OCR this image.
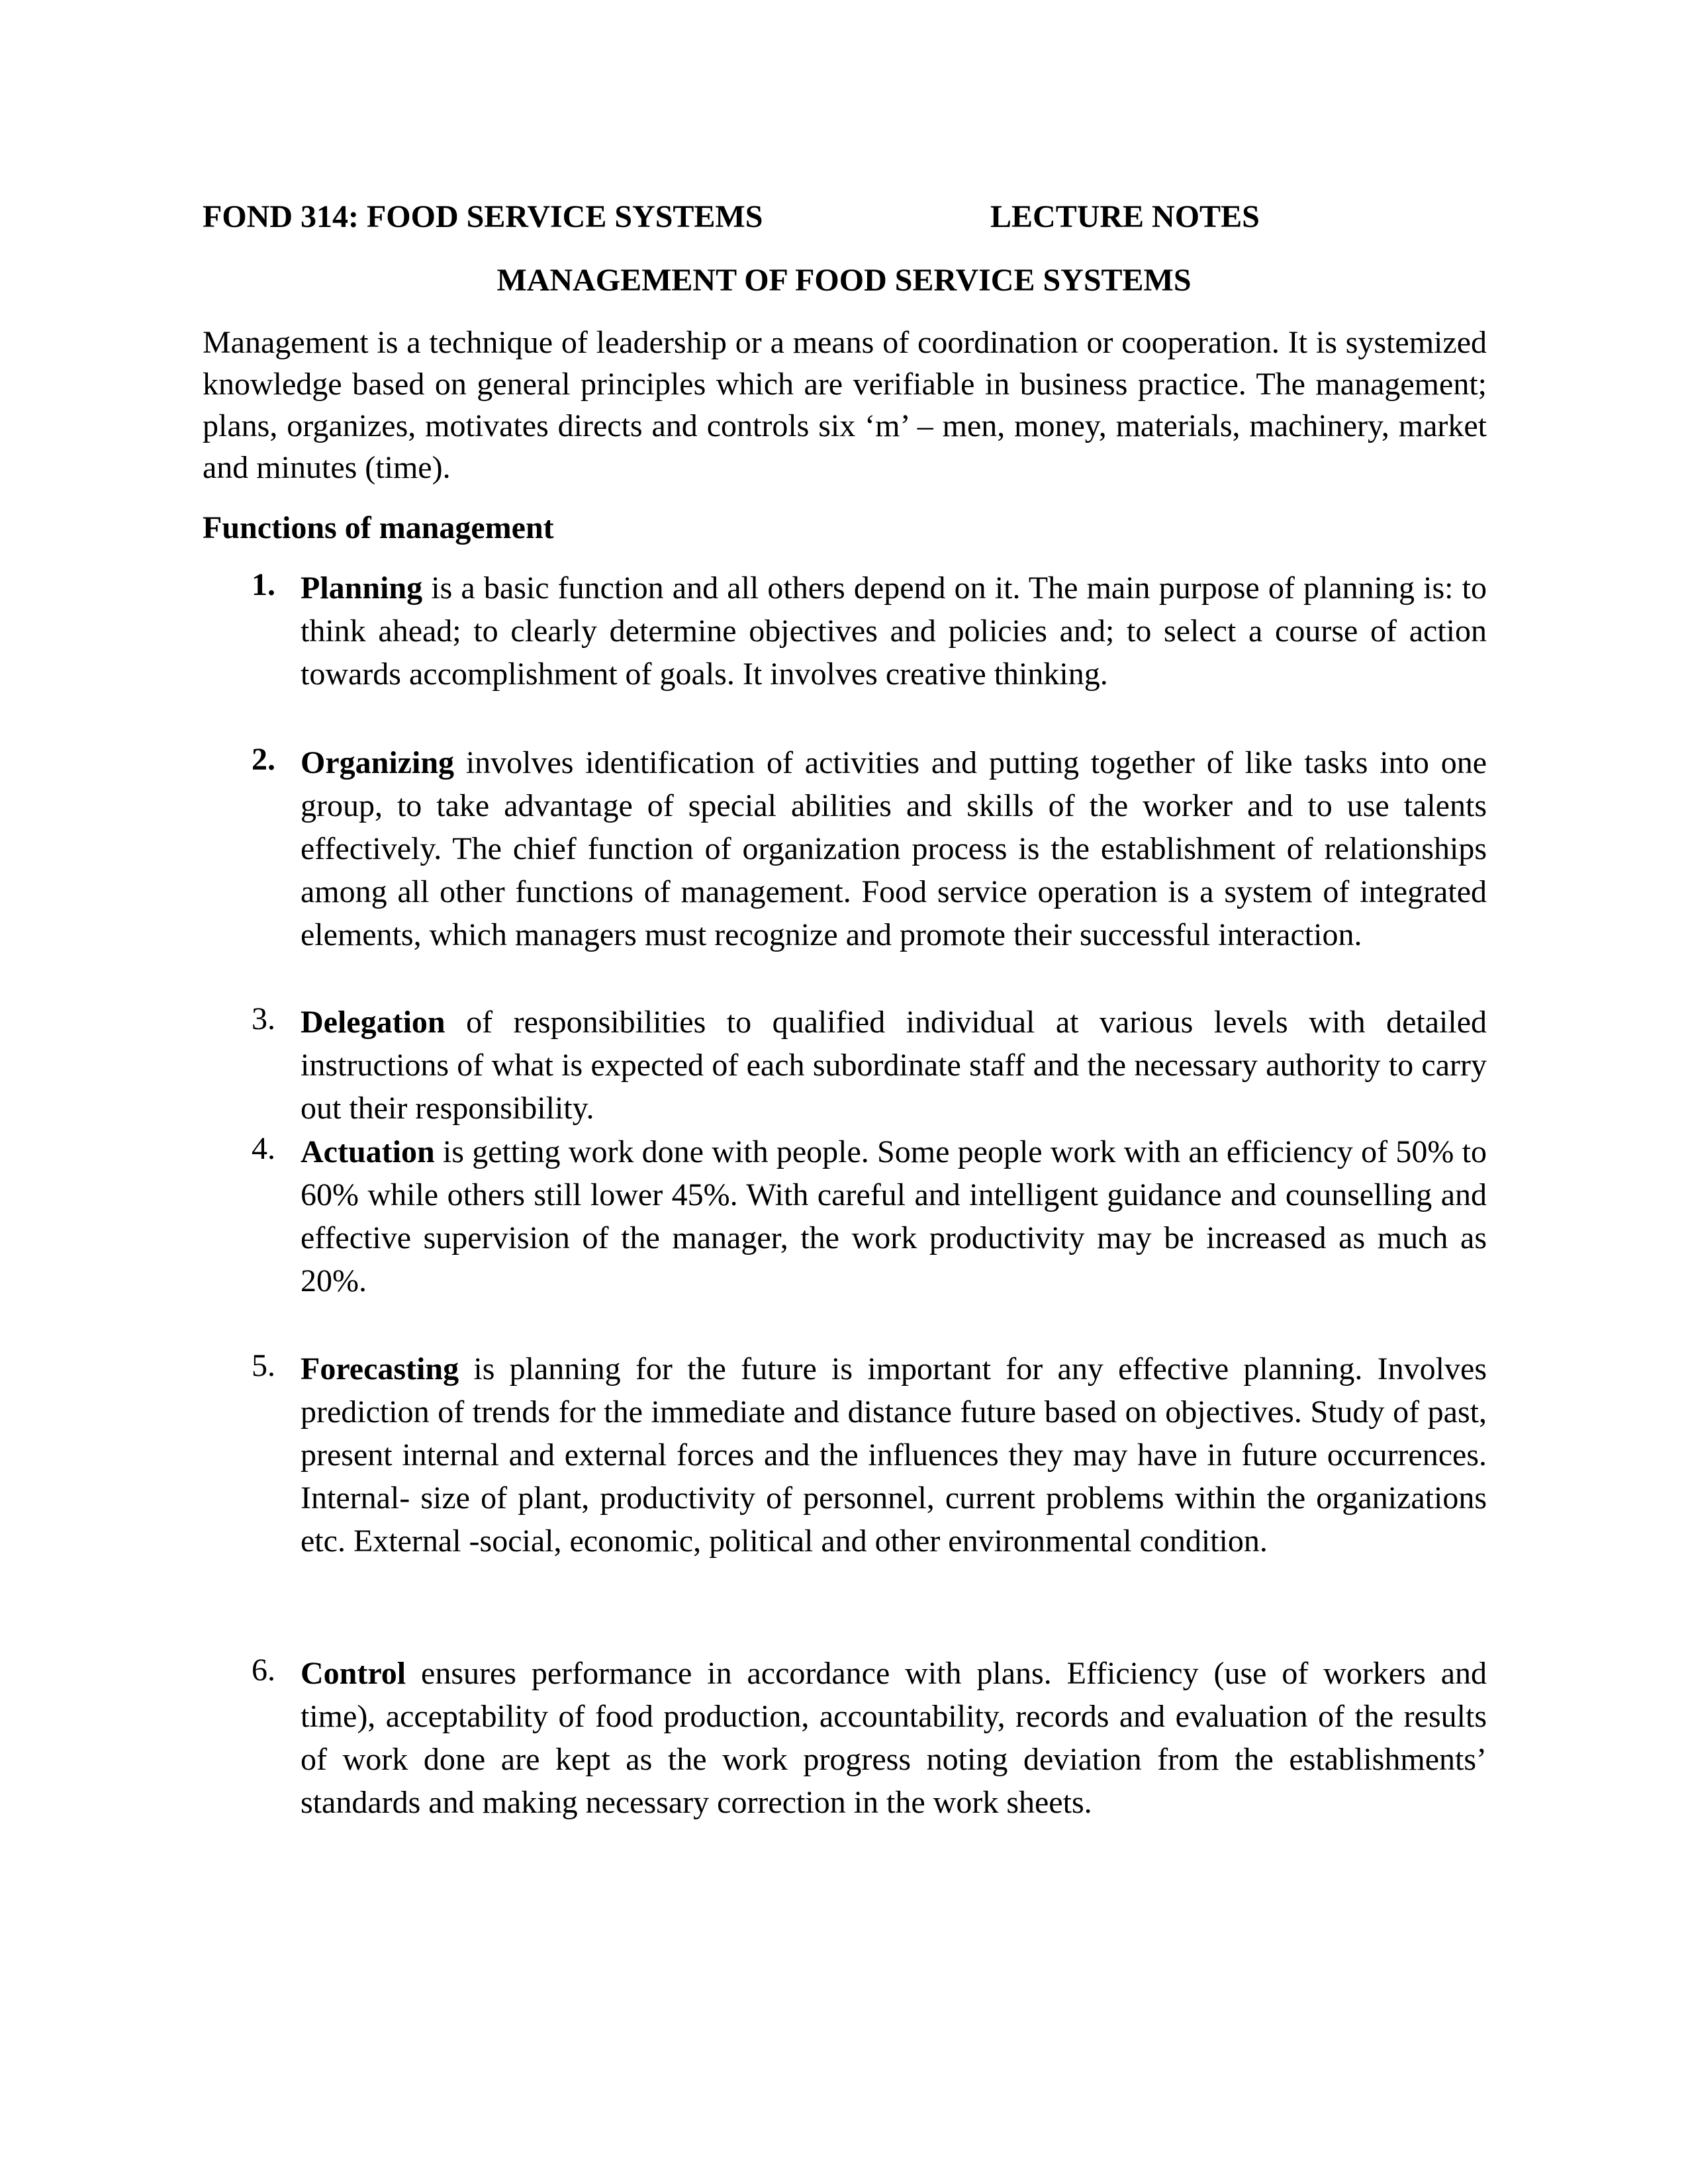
FOND 314: FOOD SERVICE SYSTEMS	LECTURE NOTES
MANAGEMENT OF FOOD SERVICE SYSTEMS
Management is a technique of leadership or a means of coordination or cooperation. It is systemized knowledge based on general principles which are verifiable in business practice. The management; plans, organizes, motivates directs and controls six ‘m’ – men, money, materials, machinery, market and minutes (time).
Functions of management
1. Planning is a basic function and all others depend on it. The main purpose of planning is: to think ahead; to clearly determine objectives and policies and; to select a course of action towards accomplishment of goals. It involves creative thinking.
2. Organizing involves identification of activities and putting together of like tasks into one group, to take advantage of special abilities and skills of the worker and to use talents effectively. The chief function of organization process is the establishment of relationships among all other functions of management. Food service operation is a system of integrated elements, which managers must recognize and promote their successful interaction.
3. Delegation of responsibilities to qualified individual at various levels with detailed instructions of what is expected of each subordinate staff and the necessary authority to carry out their responsibility.
4. Actuation is getting work done with people. Some people work with an efficiency of 50% to 60% while others still lower 45%. With careful and intelligent guidance and counselling and effective supervision of the manager, the work productivity may be increased as much as 20%.
5. Forecasting is planning for the future is important for any effective planning. Involves prediction of trends for the immediate and distance future based on objectives. Study of past, present internal and external forces and the influences they may have in future occurrences. Internal- size of plant, productivity of personnel, current problems within the organizations etc. External -social, economic, political and other environmental condition.
6. Control ensures performance in accordance with plans. Efficiency (use of workers and time), acceptability of food production, accountability, records and evaluation of the results of work done are kept as the work progress noting deviation from the establishments’ standards and making necessary correction in the work sheets.
